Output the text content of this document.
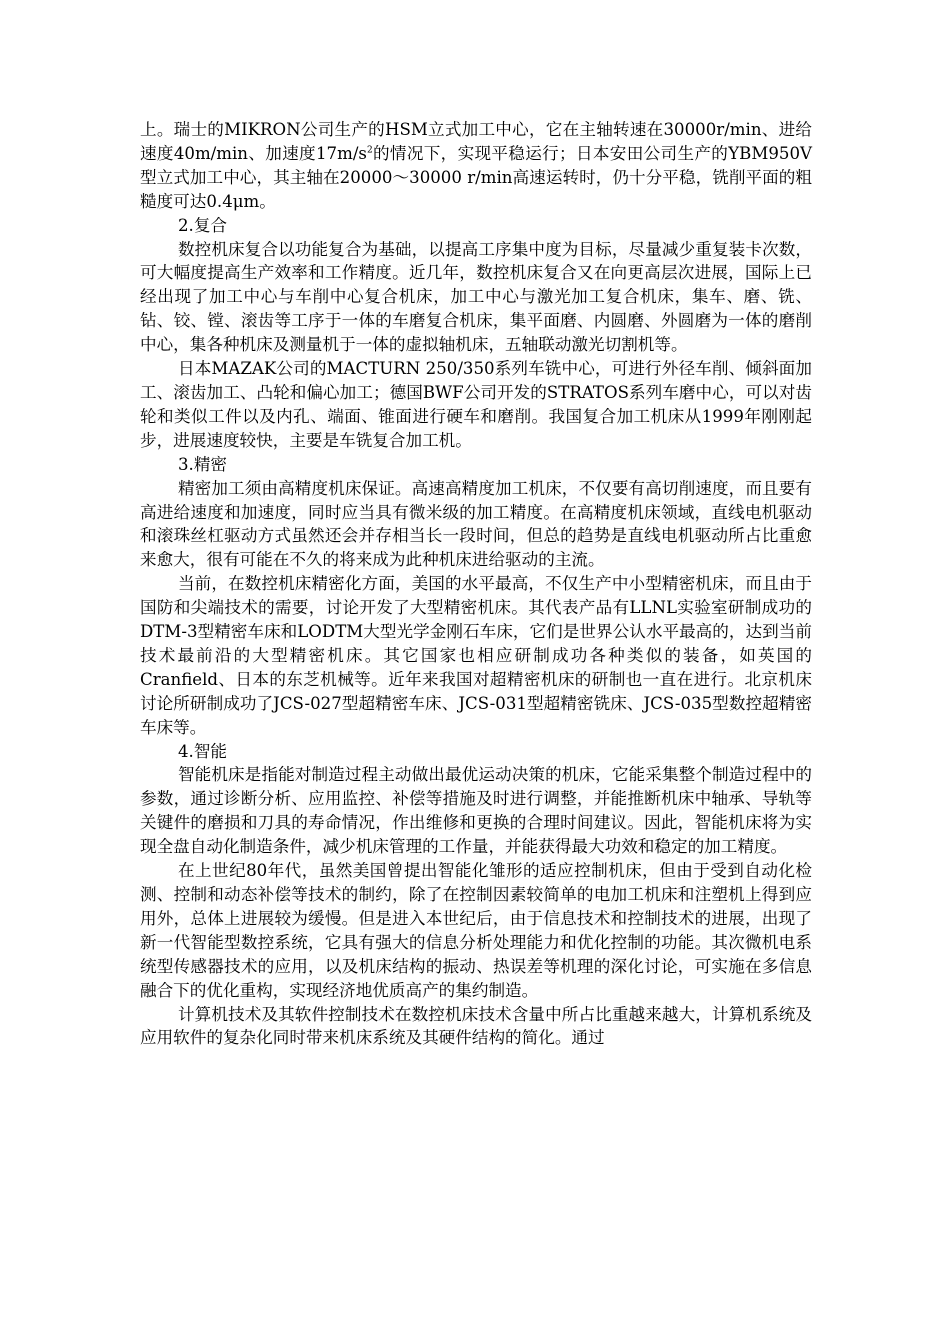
上。瑞士的MIKRON公司生产的HSM立式加工中心，它在主轴转速在30000r/min、进给速度40m/min、加速度$17m/s^2$的情况下，实现平稳运行；日本安田公司生产的YBM950V型立式加工中心，其主轴在20000～30000 r/min高速运转时，仍十分平稳，铣削平面的粗糙度可达0.4μm。

2.复合

数控机床复合以功能复合为基础，以提高工序集中度为目标，尽量减少重复装卡次数，可大幅度提高生产效率和工作精度。近几年，数控机床复合又在向更高层次进展，国际上已经出现了加工中心与车削中心复合机床，加工中心与激光加工复合机床，集车、磨、铣、钻、铰、镗、滚齿等工序于一体的车磨复合机床，集平面磨、内圆磨、外圆磨为一体的磨削中心，集各种机床及测量机于一体的虚拟轴机床，五轴联动激光切割机等。

日本MAZAK公司的MACTURN 250/350系列车铣中心，可进行外径车削、倾斜面加工、滚齿加工、凸轮和偏心加工；德国BWF公司开发的STRATOS系列车磨中心，可以对齿轮和类似工件以及内孔、端面、锥面进行硬车和磨削。我国复合加工机床从1999年刚刚起步，进展速度较快，主要是车铣复合加工机。

3.精密

精密加工须由高精度机床保证。高速高精度加工机床，不仅要有高切削速度，而且要有高进给速度和加速度，同时应当具有微米级的加工精度。在高精度机床领域，直线电机驱动和滚珠丝杠驱动方式虽然还会并存相当长一段时间，但总的趋势是直线电机驱动所占比重愈来愈大，很有可能在不久的将来成为此种机床进给驱动的主流。

当前，在数控机床精密化方面，美国的水平最高，不仅生产中小型精密机床，而且由于国防和尖端技术的需要，讨论开发了大型精密机床。其代表产品有LLNL实验室研制成功的DTM-3型精密车床和LODTM大型光学金刚石车床，它们是世界公认水平最高的，达到当前技术最前沿的大型精密机床。其它国家也相应研制成功各种类似的装备，如英国的Cranfield、日本的东芝机械等。近年来我国对超精密机床的研制也一直在进行。北京机床讨论所研制成功了JCS-027型超精密车床、JCS-031型超精密铣床、JCS-035型数控超精密车床等。

4.智能

智能机床是指能对制造过程主动做出最优运动决策的机床，它能采集整个制造过程中的参数，通过诊断分析、应用监控、补偿等措施及时进行调整，并能推断机床中轴承、导轨等关键件的磨损和刀具的寿命情况，作出维修和更换的合理时间建议。因此，智能机床将为实现全盘自动化制造条件，减少机床管理的工作量，并能获得最大功效和稳定的加工精度。

在上世纪80年代，虽然美国曾提出智能化雏形的适应控制机床，但由于受到自动化检测、控制和动态补偿等技术的制约，除了在控制因素较简单的电加工机床和注塑机上得到应用外，总体上进展较为缓慢。但是进入本世纪后，由于信息技术和控制技术的进展，出现了新一代智能型数控系统，它具有强大的信息分析处理能力和优化控制的功能。其次微机电系统型传感器技术的应用，以及机床结构的振动、热误差等机理的深化讨论，可实施在多信息融合下的优化重构，实现经济地优质高产的集约制造。

计算机技术及其软件控制技术在数控机床技术含量中所占比重越来越大，计算机系统及应用软件的复杂化同时带来机床系统及其硬件结构的简化。通过
